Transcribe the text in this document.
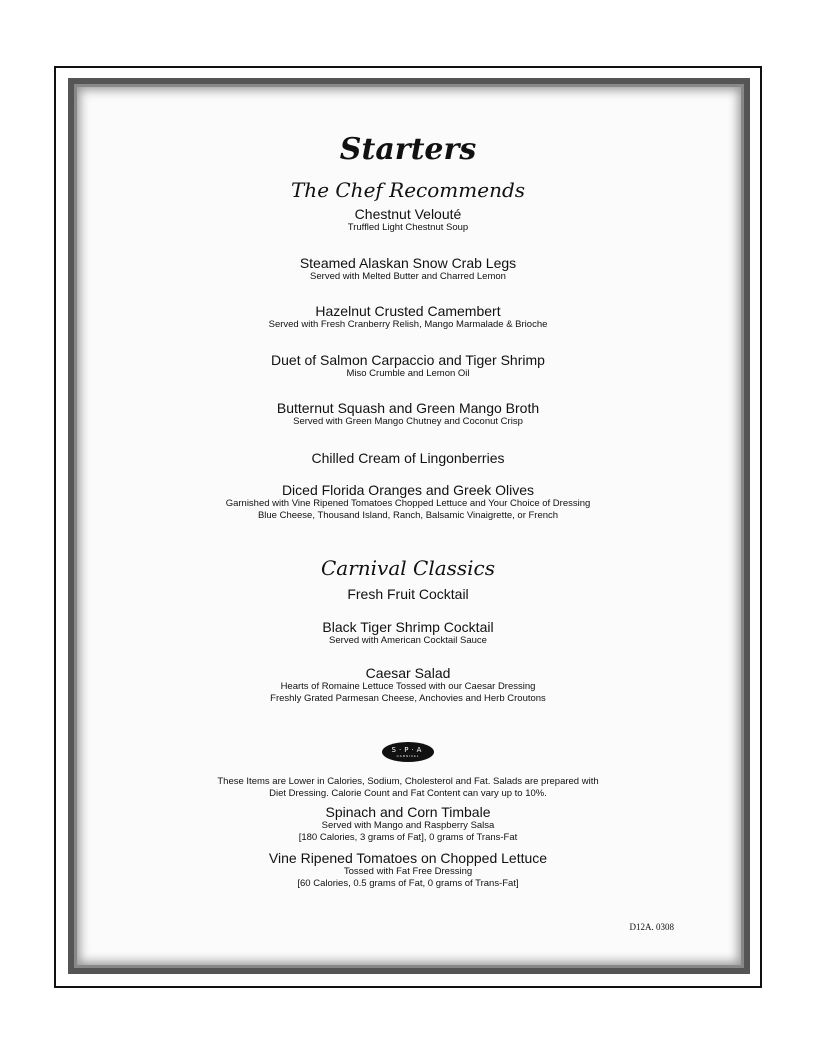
Starters
The Chef Recommends

Chestnut Velouté

Truffled Light Chestnut Soup

Steamed Alaskan Snow Crab Legs

Served with Melted Butter and Charred Lemon

Hazelnut Crusted Camembert

Served with Fresh Cranberry Relish, Mango Marmalade & Brioche

Duet of Salmon Carpaccio and Tiger Shrimp

Miso Crumble and Lemon Oil

Butternut Squash and Green Mango Broth

Served with Green Mango Chutney and Coconut Crisp

Chilled Cream of Lingonberries

Diced Florida Oranges and Greek Olives

Garnished with Vine Ripened Tomatoes Chopped Lettuce and Your Choice of Dressing

Blue Cheese, Thousand Island, Ranch, Balsamic Vinaigrette, or French

Carnival Classics

Fresh Fruit Cocktail

Black Tiger Shrimp Cocktail

Served with American Cocktail Sauce

Caesar Salad

Hearts of Romaine Lettuce Tossed with our Caesar Dressing

Freshly Grated Parmesan Cheese, Anchovies and Herb Croutons

S·P·A
CARNIVAL

These Items are Lower in Calories, Sodium, Cholesterol and Fat. Salads are prepared with

Diet Dressing. Calorie Count and Fat Content can vary up to 10%.

Spinach and Corn Timbale

Served with Mango and Raspberry Salsa

[180 Calories, 3 grams of Fat], 0 grams of Trans-Fat

Vine Ripened Tomatoes on Chopped Lettuce

Tossed with Fat Free Dressing

[60 Calories, 0.5 grams of Fat, 0 grams of Trans-Fat]

D12A. 0308
